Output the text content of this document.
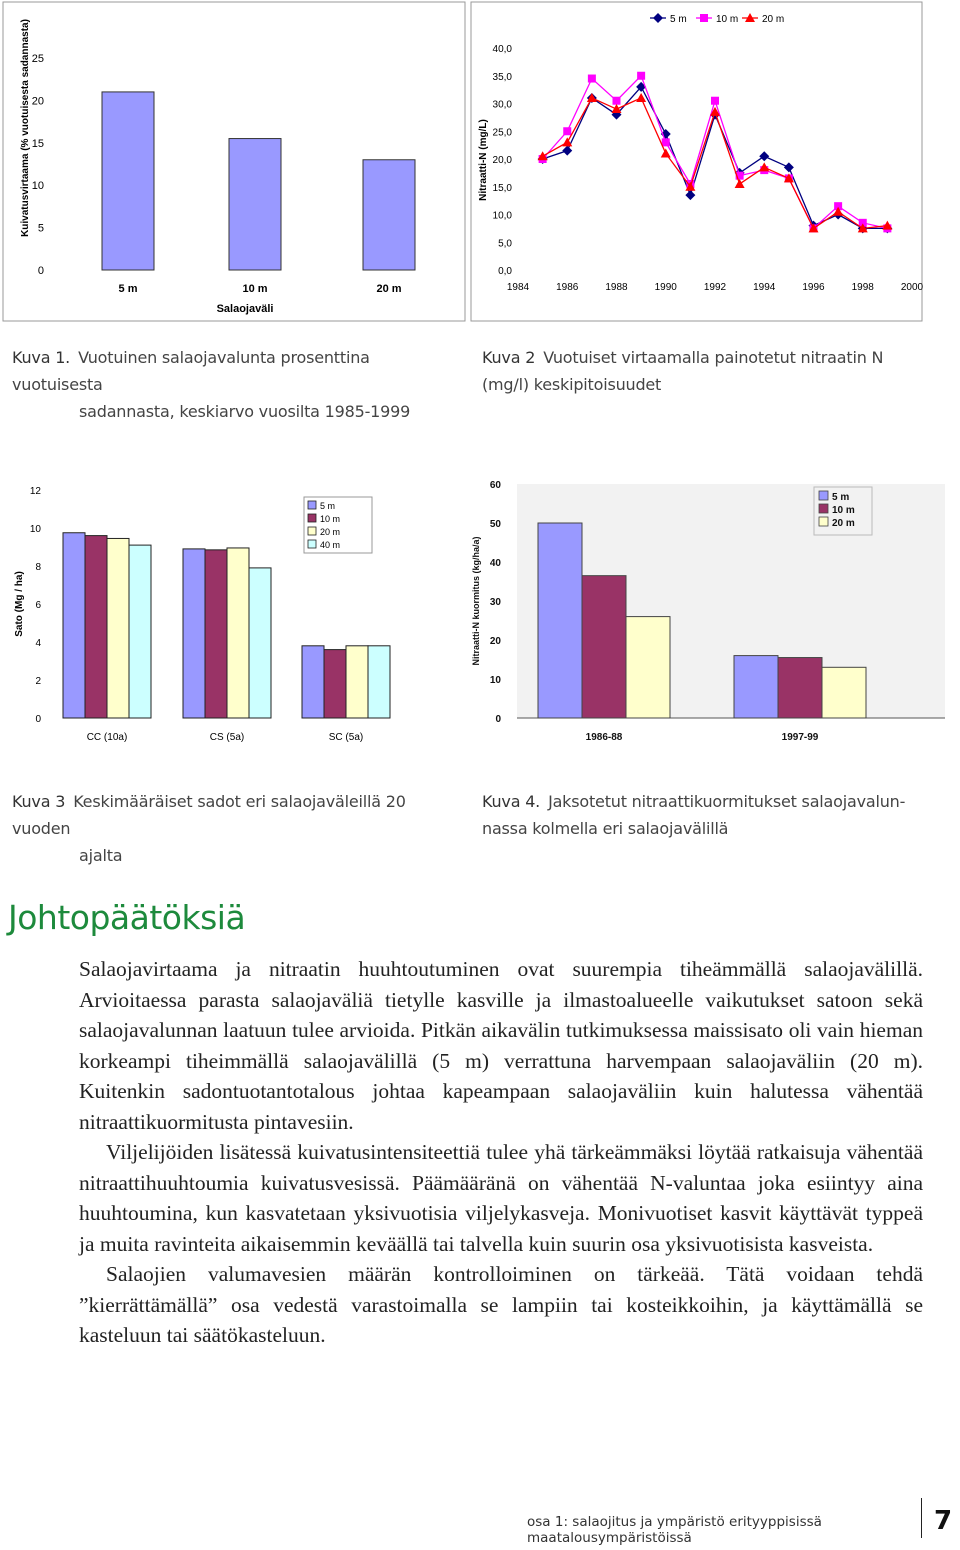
0
5
10
15
20
25
5 m	10 m	20 m
Salaojaväli
Kuivatusvirtaama (% vuotuisesta sadannasta)
0,0
5,0
10,0
15,0
20,0
25,0
30,0
35,0
40,0
1984	1986	1988	1990	1992	1994	1996	1998	2000
Nitraatti-N (mg/L)
5 m	10 m 20 m
Kuva 1. Vuotuinen salaojavalunta prosenttina vuotuisesta
sadannasta, keskiarvo vuosilta 1985-1999
Kuva 2 Vuotuiset virtaamalla painotetut nitraatin N
(mg/l) keskipitoisuudet
0
2
4
6
8
10
12
Sato (Mg / ha)
CC (10a)	CS (5a)	SC (5a)
5 m
10 m
20 m
40 m
0
10
20
30
40
50
60
Nitraatti-N kuormitus (kg/ha/a)
1986-88	1997-99
5 m
10 m
20 m
Kuva 3 Keskimääräiset sadot eri salaojaväleillä 20 vuoden
ajalta
Kuva 4. Jaksotetut nitraattikuormitukset salaojavalun-
nassa kolmella eri salaojavälillä
Johtopäätöksiä

Salaojavirtaama ja nitraatin huuhtoutuminen ovat suurempia tiheämmällä salaojavälillä. Arvioitaessa parasta salaojaväliä tietylle kasville ja ilmastoalueelle vaikutukset satoon sekä salaojavalunnan laatuun tulee arvioida. Pitkän aikavälin tutkimuksessa maissisato oli vain hieman korkeampi tiheimmällä salaojavälillä (5 m) verrattuna harvempaan salaojaväliin (20 m). Kuitenkin sadontuotantotalous johtaa kapeampaan salaojaväliin kuin halutessa vähentää nitraattikuormitusta pintavesiin.

Viljelijöiden lisätessä kuivatusintensiteettiä tulee yhä tärkeämmäksi löytää ratkaisuja vähentää nitraattihuuhtoumia kuivatusvesissä. Päämääränä on vähentää N-valuntaa joka esiintyy aina huuhtoumina, kun kasvatetaan yksivuotisia viljelykasveja. Monivuotiset kasvit käyttävät typpeä ja muita ravinteita aikaisemmin keväällä tai talvella kuin suurin osa yksivuotisista kasveista.

Salaojien valumavesien määrän kontrolloiminen on tärkeää. Tätä voidaan tehdä ”kierrättämällä” osa vedestä varastoimalla se lampiin tai kosteikkoihin, ja käyttämällä se kasteluun tai säätökasteluun.

osa 1: salaojitus ja ympäristö erityyppisissä maatalousympäristöissä
7
